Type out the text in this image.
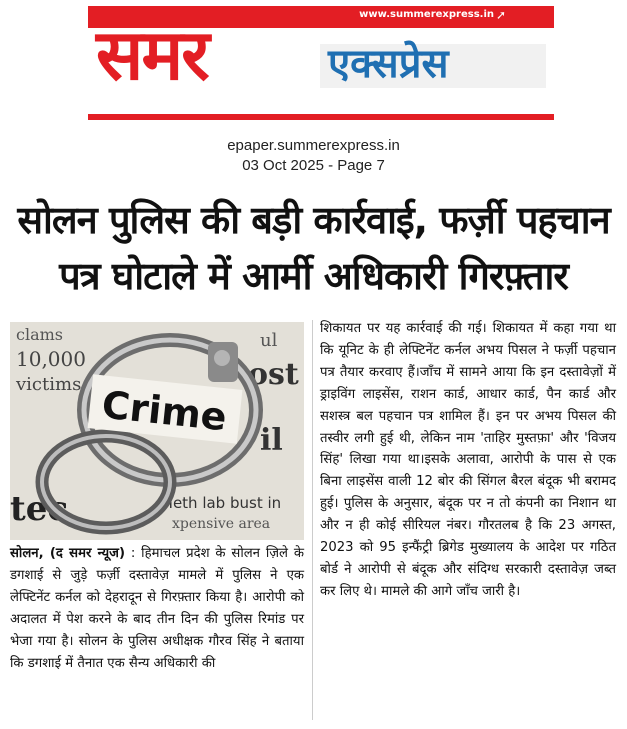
www.summerexpress.in ➚
समर	एक्सप्रेस
epaper.summerexpress.in
03 Oct 2025 - Page 7
सोलन पुलिस की बड़ी कार्रवाई, फर्ज़ी पहचान
पत्र घोटाले में आर्मी अधिकारी गिरफ़्तार
clams
10,000
victims	ost
il
ul
tec	Meth lab bust in
xpensive area
Crime
सोलन, (द समर न्यूज) : हिमाचल प्रदेश के सोलन ज़िले के डगशाई से जुड़े फर्ज़ी दस्तावेज़ मामले में पुलिस ने एक लेफ्टिनेंट कर्नल को देहरादून से गिरफ़्तार किया है। आरोपी को अदालत में पेश करने के बाद तीन दिन की पुलिस रिमांड पर भेजा गया है। सोलन के पुलिस अधीक्षक गौरव सिंह ने बताया कि डगशाई में तैनात एक सैन्य अधिकारी की
शिकायत पर यह कार्रवाई की गई। शिकायत में कहा गया था कि यूनिट के ही लेफ्टिनेंट कर्नल अभय पिसल ने फर्ज़ी पहचान पत्र तैयार करवाए हैं।जाँच में सामने आया कि इन दस्तावेज़ों में ड्राइविंग लाइसेंस, राशन कार्ड, आधार कार्ड, पैन कार्ड और सशस्त्र बल पहचान पत्र शामिल हैं। इन पर अभय पिसल की तस्वीर लगी हुई थी, लेकिन नाम 'ताहिर मुस्तफ़ा' और 'विजय सिंह' लिखा गया था।इसके अलावा, आरोपी के पास से एक बिना लाइसेंस वाली 12 बोर की सिंगल बैरल बंदूक भी बरामद हुई। पुलिस के अनुसार, बंदूक पर न तो कंपनी का निशान था और न ही कोई सीरियल नंबर। गौरतलब है कि 23 अगस्त, 2023 को 95 इन्फैंट्री ब्रिगेड मुख्यालय के आदेश पर गठित बोर्ड ने आरोपी से बंदूक और संदिग्ध सरकारी दस्तावेज़ जब्त कर लिए थे। मामले की आगे जाँच जारी है।
